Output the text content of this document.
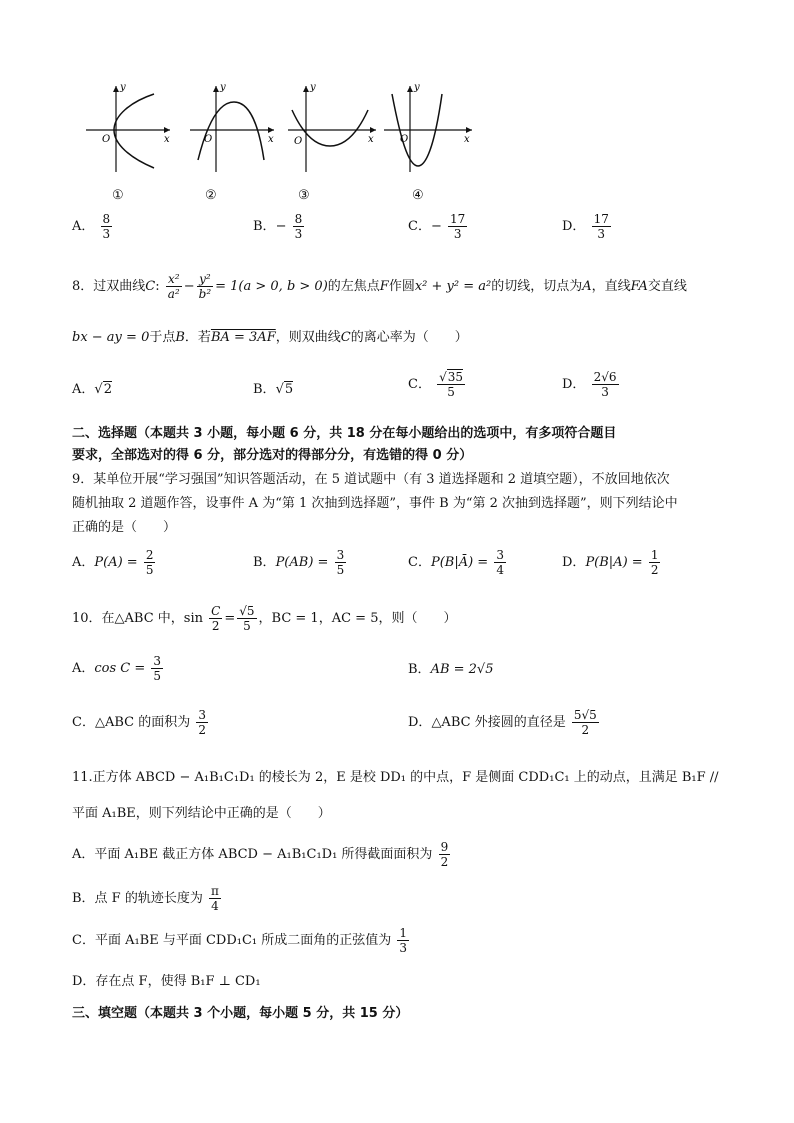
y
x
O
y
x
O
y
x
O
y
x
O
①	②	③	④
A． $\frac{8}{3}$	B．− $\frac{8}{3}$	C．− $\frac{17}{3}$	D． $\frac{17}{3}$
8．过双曲线C: $\frac{\text{x²}}{\text{a²}} - \frac{\text{y²}}{\text{b²}} = 1(a > 0$, b > 0)的左焦点F作圆x² + y² = a²的切线，切点为A，直线FA交直线
bx − ay = 0于点B．若BA = 3AF，则双曲线C的离心率为（　　）
A．√2	B．√5	C． $\frac{√35}{5}$	D． $\frac{2√6}{3}$
二、选择题（本题共 3 小题，每小题 6 分，共 18 分在每小题给出的选项中，有多项符合题目
要求，全部选对的得 6 分，部分选对的得部分分，有选错的得 0 分）
9．某单位开展“学习强国”知识答题活动，在 5 道试题中（有 3 道选择题和 2 道填空题），不放回地依次
随机抽取 2 道题作答，设事件 A 为“第 1 次抽到选择题”，事件 B 为“第 2 次抽到选择题”，则下列结论中
正确的是（　　）
A．$P(A) = \frac{2}{5}$	B．$P(AB) = \frac{3}{5}$	C．P(B|Ā) = $\frac{3}{4}$	D．$P(B|A) = \frac{1}{2}$
10．在△ABC 中，$\sin \frac{C}{2} = \frac{√5}{5}$ ，BC = 1，AC = 5，则（　　）
A．$\cos C = \frac{3}{5}$	B．AB = 2√5
C．△ABC 的面积为 $\frac{3}{2}$	D．△ABC 外接圆的直径是 $\frac{5√5}{2}$
11.正方体 ABCD − A₁B₁C₁D₁ 的棱长为 2，E 是校 DD₁ 的中点，F 是侧面 CDD₁C₁ 上的动点，且满足 B₁F //
平面 A₁BE，则下列结论中正确的是（　　）
A．平面 A₁BE 截正方体 ABCD − A₁B₁C₁D₁ 所得截面面积为 $\frac{9}{2}$
B．点 F 的轨迹长度为 $\frac{\pi}{4}$
C．平面 A₁BE 与平面 CDD₁C₁ 所成二面角的正弦值为 $\frac{1}{3}$
D．存在点 F，使得 B₁F ⊥ CD₁
三、填空题（本题共 3 个小题，每小题 5 分，共 15 分）
